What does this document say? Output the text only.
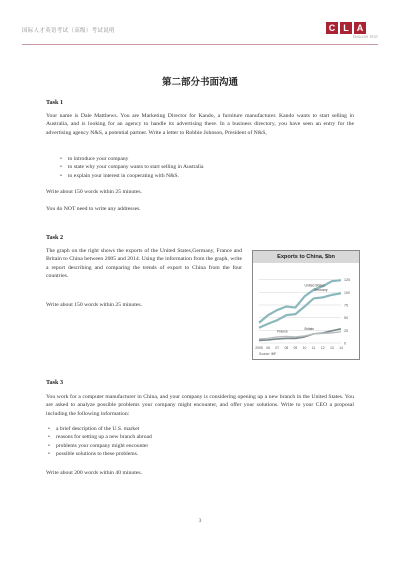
国际人才英语考试（高级）考试说明	C L A
ENGLISH TEST
第二部分书面沟通
Task 1

Your name is Dale Matthews. You are Marketing Director for Kando, a furniture manufacturer. Kando wants to start selling in Australia, and is looking for an agency to handle its advertising there. In a business directory, you have seen an entry for the advertising agency N&S, a potential partner. Write a letter to Robbie Johnson, President of N&S,

• to introduce your company
• to state why your company wants to start selling in Australia
• to explain your interest in cooperating with N&S.

Write about 150 words within 25 minutes.

You do NOT need to write any addresses.

Task 2

The graph on the right shows the exports of the United States,Germany, France and Britain to China between 2005 and 2014. Using the information from the graph, write a report describing and comparing the trends of export to China from the four countries.

Write about 150 words within 25 minutes.

Exports to China, $bn
0
25
50
75
100
125
2005 06 07 08 09 10 11 12 13 14
United States
Germany
Britain
France
Source: IMF
Task 3

You work for a computer manufacturer in China, and your company is considering opening up a new branch in the United States. You are asked to analyze possible problems your company might encounter, and offer your solutions. Write to your CEO a proposal including the following information:

• a brief description of the U.S. market
• reasons for setting up a new branch abroad
• problems your company might encounter
• possible solutions to these problems.

Write about 200 words within 40 minutes.

3
